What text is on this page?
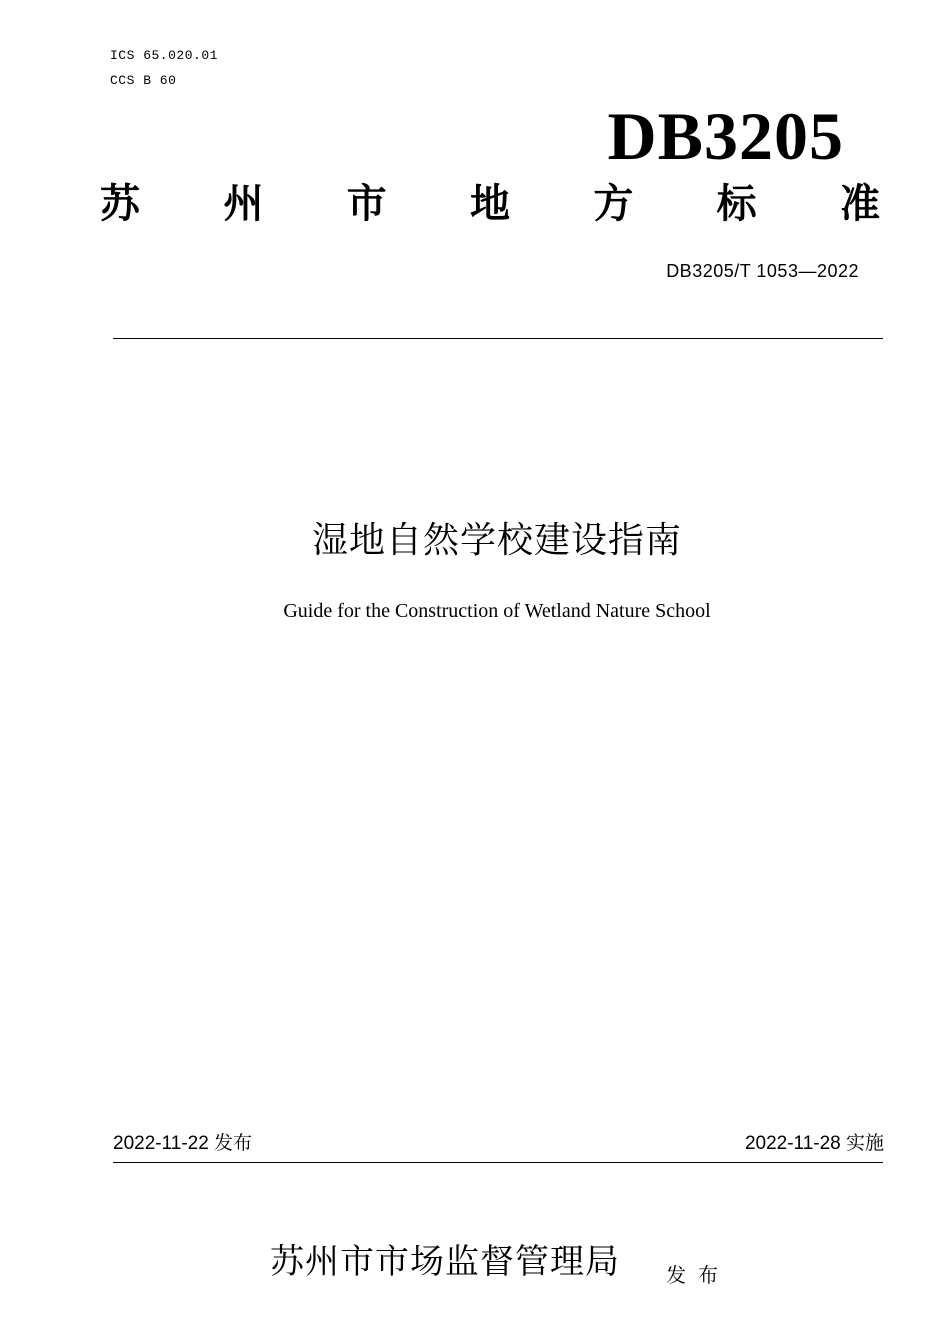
ICS 65.020.01
CCS B 60
DB3205
苏 州 市 地 方 标 准
DB3205/T 1053—2022
湿地自然学校建设指南
Guide for the Construction of Wetland Nature School
2022-11-22 发布	2022-11-28 实施
苏州市市场监督管理局 发布
